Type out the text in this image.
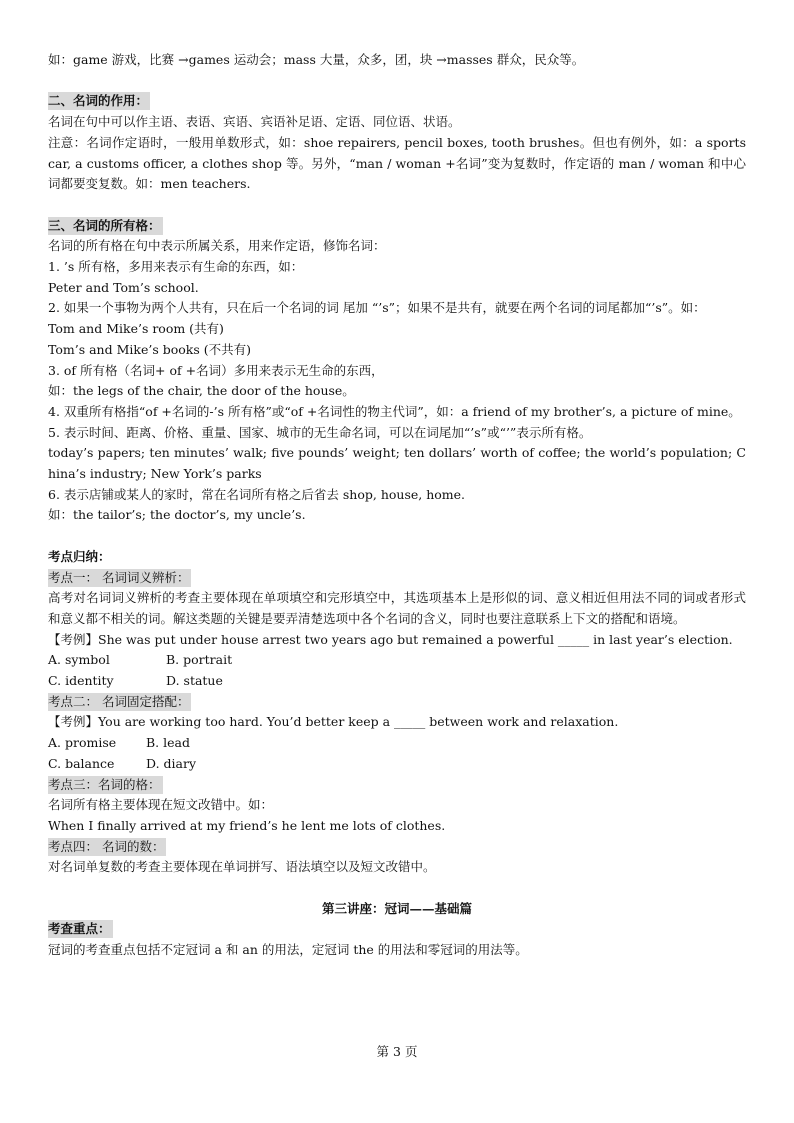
如：game 游戏，比赛 →games 运动会；mass 大量，众多，团，块 →masses 群众，民众等。

二、名词的作用：

名词在句中可以作主语、表语、宾语、宾语补足语、定语、同位语、状语。

注意：名词作定语时，一般用单数形式，如：shoe repairers, pencil boxes, tooth brushes。但也有例外，如：a sports car, a customs officer, a clothes shop 等。另外，“man / woman +名词”变为复数时，作定语的 man / woman 和中心词都要变复数。如：men teachers.

三、名词的所有格：

名词的所有格在句中表示所属关系，用来作定语，修饰名词：

1. ’s 所有格，多用来表示有生命的东西，如：

Peter and Tom’s school.

2. 如果一个事物为两个人共有，只在后一个名词的词 尾加 “’s”；如果不是共有，就要在两个名词的词尾都加“’s”。如：

Tom and Mike’s room (共有)

Tom’s and Mike’s books (不共有)

3. of 所有格（名词+ of +名词）多用来表示无生命的东西，

如：the legs of the chair, the door of the house。

4. 双重所有格指“of +名词的-’s 所有格”或“of +名词性的物主代词”，如：a friend of my brother’s, a picture of mine。

5. 表示时间、距离、价格、重量、国家、城市的无生命名词，可以在词尾加“’s”或“’”表示所有格。

today’s papers; ten minutes’ walk; five pounds’ weight; ten dollars’ worth of coffee; the world’s population; China’s industry; New York’s parks

6. 表示店铺或某人的家时，常在名词所有格之后省去 shop, house, home.

如：the tailor’s; the doctor’s, my uncle’s.

考点归纳：

考点一： 名词词义辨析：

高考对名词词义辨析的考查主要体现在单项填空和完形填空中，其选项基本上是形似的词、意义相近但用法不同的词或者形式和意义都不相关的词。解这类题的关键是要弄清楚选项中各个名词的含义，同时也要注意联系上下文的搭配和语境。

【考例】She was put under house arrest two years ago but remained a powerful _____ in last year’s election.

A. symbol	B. portrait

C. identity	D. statue

考点二： 名词固定搭配：

【考例】You are working too hard. You’d better keep a _____ between work and relaxation.

A. promise B. lead

C. balance	D. diary

考点三：名词的格：

名词所有格主要体现在短文改错中。如：

When I finally arrived at my friend’s he lent me lots of clothes.

考点四： 名词的数：

对名词单复数的考查主要体现在单词拼写、语法填空以及短文改错中。

第三讲座：冠词——基础篇

考查重点：

冠词的考查重点包括不定冠词 a 和 an 的用法，定冠词 the 的用法和零冠词的用法等。

第 3 页
